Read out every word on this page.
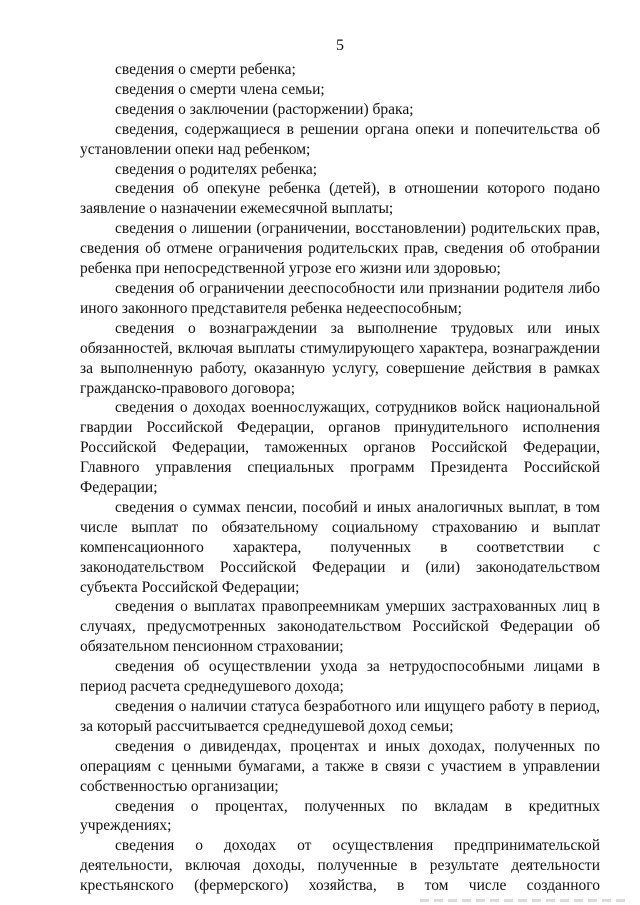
5

сведения о смерти ребенка;

сведения о смерти члена семьи;

сведения о заключении (расторжении) брака;

сведения, содержащиеся в решении органа опеки и попечительства об установлении опеки над ребенком;

сведения о родителях ребенка;

сведения об опекуне ребенка (детей), в отношении которого подано заявление о назначении ежемесячной выплаты;

сведения о лишении (ограничении, восстановлении) родительских прав, сведения об отмене ограничения родительских прав, сведения об отобрании ребенка при непосредственной угрозе его жизни или здоровью;

сведения об ограничении дееспособности или признании родителя либо иного законного представителя ребенка недееспособным;

сведения о вознаграждении за выполнение трудовых или иных обязанностей, включая выплаты стимулирующего характера, вознаграждении за выполненную работу, оказанную услугу, совершение действия в рамках гражданско-правового договора;

сведения о доходах военнослужащих, сотрудников войск национальной гвардии Российской Федерации, органов принудительного исполнения Российской Федерации, таможенных органов Российской Федерации, Главного управления специальных программ Президента Российской Федерации;

сведения о суммах пенсии, пособий и иных аналогичных выплат, в том числе выплат по обязательному социальному страхованию и выплат компенсационного характера, полученных в соответствии с законодательством Российской Федерации и (или) законодательством субъекта Российской Федерации;

сведения о выплатах правопреемникам умерших застрахованных лиц в случаях, предусмотренных законодательством Российской Федерации об обязательном пенсионном страховании;

сведения об осуществлении ухода за нетрудоспособными лицами в период расчета среднедушевого дохода;

сведения о наличии статуса безработного или ищущего работу в период, за который рассчитывается среднедушевой доход семьи;

сведения о дивидендах, процентах и иных доходах, полученных по операциям с ценными бумагами, а также в связи с участием в управлении собственностью организации;

сведения о процентах, полученных по вкладам в кредитных учреждениях;

сведения о доходах от осуществления предпринимательской деятельности, включая доходы, полученные в результате деятельности крестьянского (фермерского) хозяйства, в том числе созданного
